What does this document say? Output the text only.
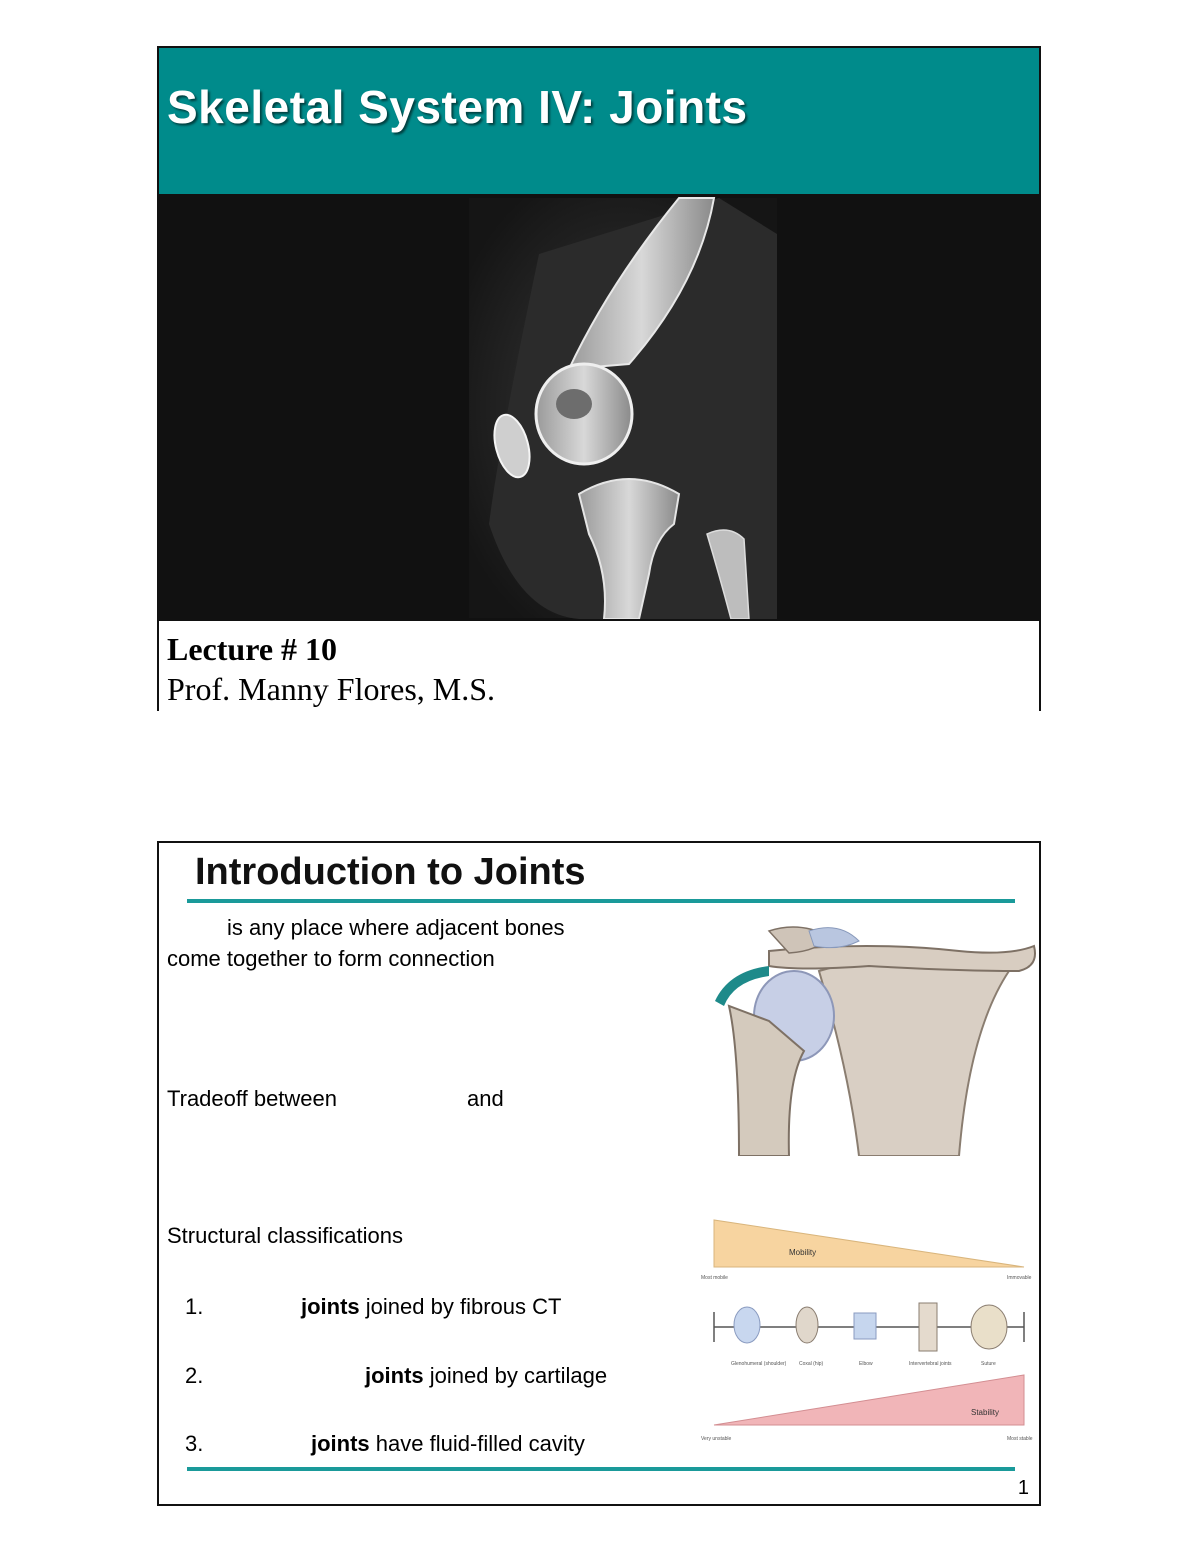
Skeletal System IV: Joints
Lecture # 10
Prof. Manny Flores, M.S.
Introduction to Joints
is any place where adjacent bones
come together to form connection
Tradeoff between	and
Structural classifications
1.	joints joined by fibrous CT
2.	joints joined by cartilage
3.	joints have fluid-filled cavity
1
Mobility
Most mobile	Immovable
Glenohumeral (shoulder)	Coxal (hip)	Elbow	Intervertebral joints	Suture
Stability
Very unstable	Most stable
